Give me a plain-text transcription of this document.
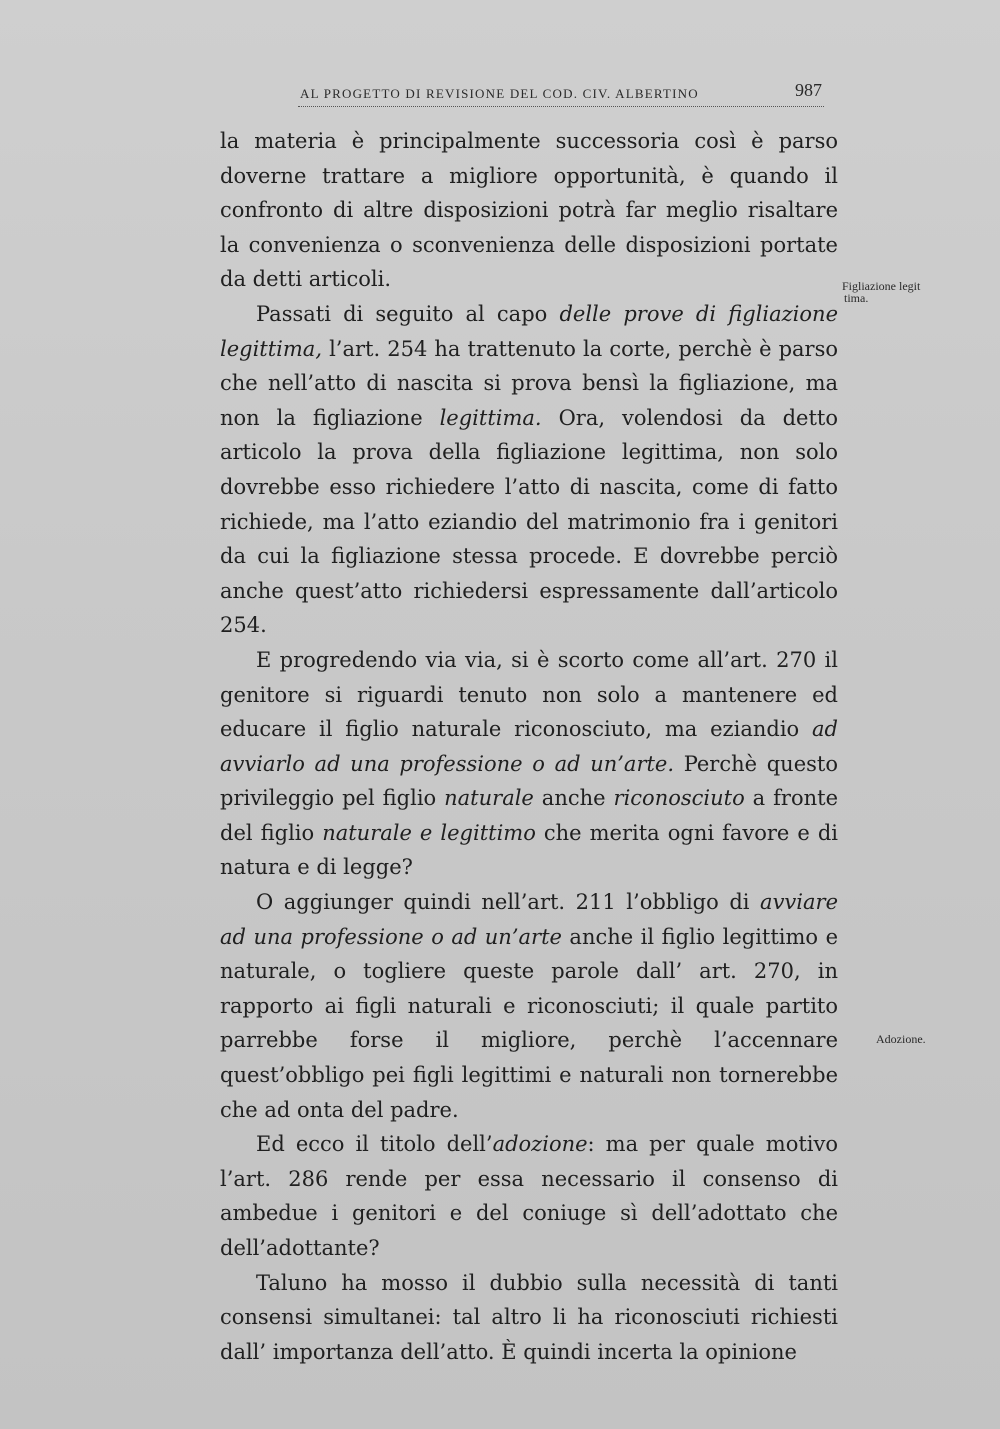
AL PROGETTO DI REVISIONE DEL COD. CIV. ALBERTINO	987

la materia è principalmente successoria così è parso doverne trattare a migliore opportunità, è quando il confronto di altre disposizioni potrà far meglio risaltare la convenienza o sconvenienza delle disposizioni portate da detti articoli.

Passati di seguito al capo delle prove di figliazione legittima, l’art. 254 ha trattenuto la corte, perchè è parso che nell’atto di nascita si prova bensì la figliazione, ma non la figliazione legittima. Ora, volendosi da detto articolo la prova della figliazione legittima, non solo dovrebbe esso richiedere l’atto di nascita, come di fatto richiede, ma l’atto eziandio del matrimonio fra i genitori da cui la figliazione stessa procede. E dovrebbe perciò anche quest’atto richiedersi espressamente dall’articolo 254.

E progredendo via via, si è scorto come all’art. 270 il genitore si riguardi tenuto non solo a mantenere ed educare il figlio naturale riconosciuto, ma eziandio ad avviarlo ad una professione o ad un’arte. Perchè questo privileggio pel figlio naturale anche riconosciuto a fronte del figlio naturale e legittimo che merita ogni favore e di natura e di legge?

O aggiunger quindi nell’art. 211 l’obbligo di avviare ad una professione o ad un’arte anche il figlio legittimo e naturale, o togliere queste parole dall’ art. 270, in rapporto ai figli naturali e riconosciuti; il quale partito parrebbe forse il migliore, perchè l’accennare quest’obbligo pei figli legittimi e naturali non tornerebbe che ad onta del padre.

Ed ecco il titolo dell’adozione: ma per quale motivo l’art. 286 rende per essa necessario il consenso di ambedue i genitori e del coniuge sì dell’adottato che dell’adottante?

Taluno ha mosso il dubbio sulla necessità di tanti consensi simultanei: tal altro li ha riconosciuti richiesti dall’ importanza dell’atto. È quindi incerta la opinione

Figliazione legit
tima.
Adozione.
